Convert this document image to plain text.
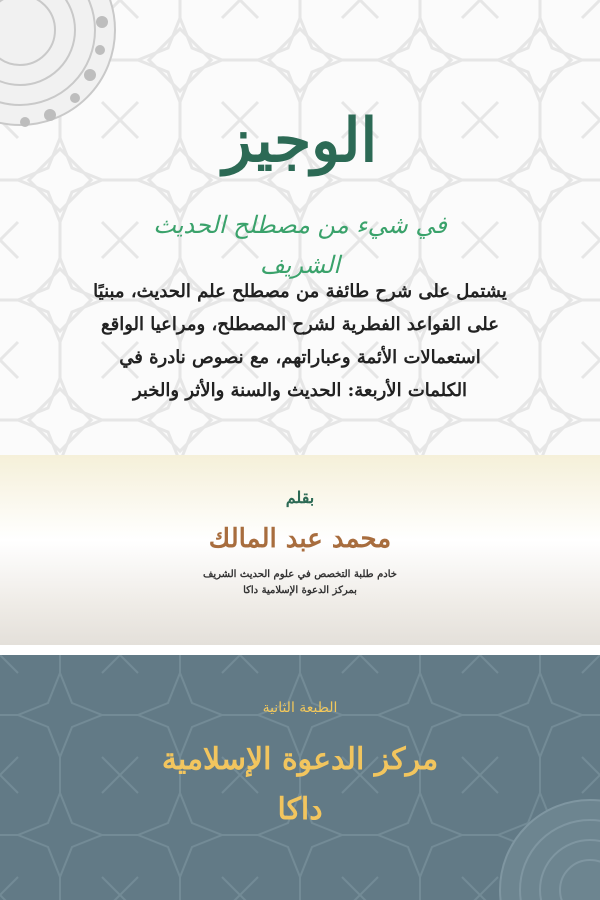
الوجيز
في شيء من مصطلح الحديث الشريف
يشتمل على شرح طائفة من مصطلح علم الحديث، مبنيًا
على القواعد الفطرية لشرح المصطلح، ومراعيا الواقع
استعمالات الأئمة وعباراتهم، مع نصوص نادرة في
الكلمات الأربعة: الحديث والسنة والأثر والخبر
بقلم
محمد عبد المالك
خادم طلبة التخصص في علوم الحديث الشريف
بمركز الدعوة الإسلامية داكا
الطبعة الثانية
مركز الدعوة الإسلامية داكا
